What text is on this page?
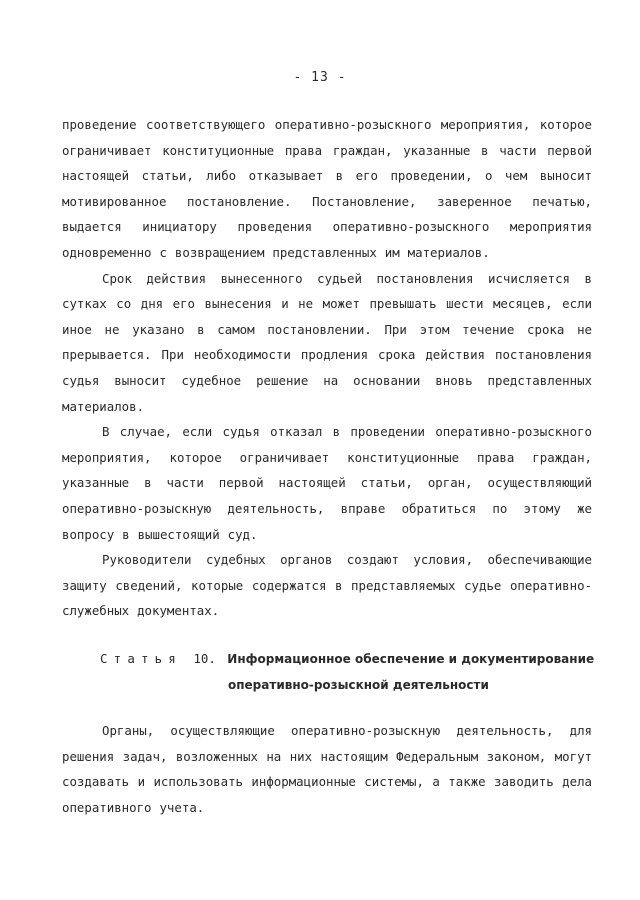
- 13 -

проведение соответствующего оперативно-розыскного мероприятия, которое ограничивает конституционные права граждан, указанные в части первой настоящей статьи, либо отказывает в его проведении, о чем выносит мотивированное постановление. Постановление, заверенное печатью, выдается инициатору проведения оперативно-розыскного мероприятия одновременно с возвращением представленных им материалов.

Срок действия вынесенного судьей постановления исчисляется в сутках со дня его вынесения и не может превышать шести месяцев, если иное не указано в самом постановлении. При этом течение срока не прерывается. При необходимости продления срока действия постановления судья выносит судебное решение на основании вновь представленных материалов.

В случае, если судья отказал в проведении оперативно-розыскного мероприятия, которое ограничивает конституционные права граждан, указанные в части первой настоящей статьи, орган, осуществляющий оперативно-розыскную деятельность, вправе обратиться по этому же вопросу в вышестоящий суд.

Руководители судебных органов создают условия, обеспечивающие защиту сведений, которые содержатся в представляемых судье оперативно-служебных документах.

Статья 10. Информационное обеспечение и документирование
оперативно-розыскной деятельности

Органы, осуществляющие оперативно-розыскную деятельность, для решения задач, возложенных на них настоящим Федеральным законом, могут создавать и использовать информационные системы, а также заводить дела оперативного учета.
